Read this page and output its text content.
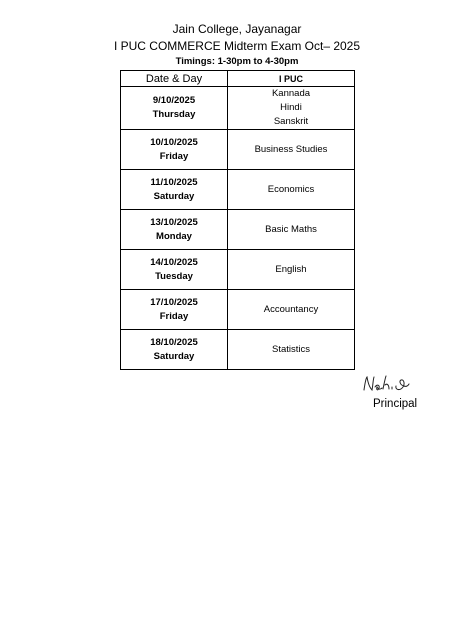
Jain College, Jayanagar
I PUC COMMERCE Midterm Exam Oct– 2025
Timings: 1-30pm to 4-30pm
Date & Day	I PUC

9/10/2025
Thursday	Kannada
Hindi
Sanskrit

10/10/2025
Friday	Business Studies

11/10/2025
Saturday	Economics

13/10/2025
Monday	Basic Maths

14/10/2025
Tuesday	English

17/10/2025
Friday	Accountancy

18/10/2025
Saturday	Statistics
Principal
